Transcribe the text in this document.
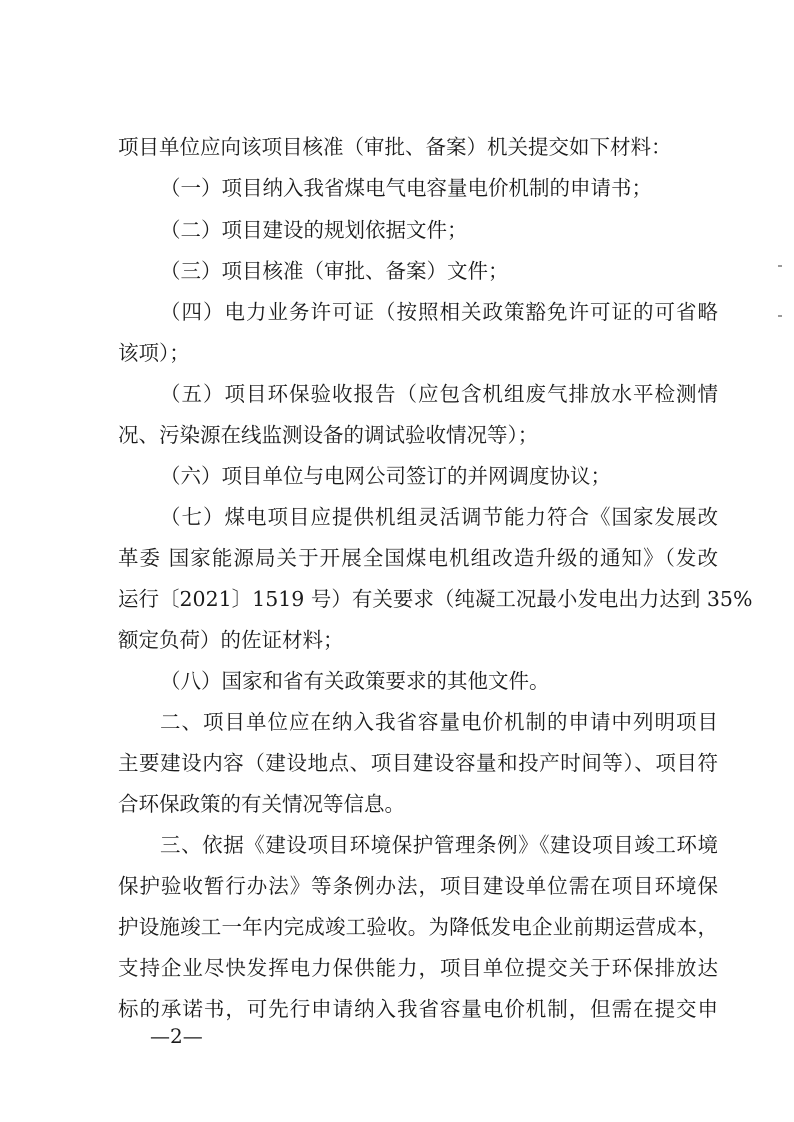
项目单位应向该项目核准（审批、备案）机关提交如下材料：
（一）项目纳入我省煤电气电容量电价机制的申请书；
（二）项目建设的规划依据文件；
（三）项目核准（审批、备案）文件；
（四）电力业务许可证（按照相关政策豁免许可证的可省略
该项）；
（五）项目环保验收报告（应包含机组废气排放水平检测情
况、污染源在线监测设备的调试验收情况等）；
（六）项目单位与电网公司签订的并网调度协议；
（七）煤电项目应提供机组灵活调节能力符合《国家发展改
革委 国家能源局关于开展全国煤电机组改造升级的通知》（发改
运行〔2021〕1519 号）有关要求（纯凝工况最小发电出力达到 35%
额定负荷）的佐证材料；
（八）国家和省有关政策要求的其他文件。
二、项目单位应在纳入我省容量电价机制的申请中列明项目
主要建设内容（建设地点、项目建设容量和投产时间等）、项目符
合环保政策的有关情况等信息。
三、依据《建设项目环境保护管理条例》《建设项目竣工环境
保护验收暂行办法》等条例办法，项目建设单位需在项目环境保
护设施竣工一年内完成竣工验收。为降低发电企业前期运营成本，
支持企业尽快发挥电力保供能力，项目单位提交关于环保排放达
标的承诺书，可先行申请纳入我省容量电价机制，但需在提交申
—2—
